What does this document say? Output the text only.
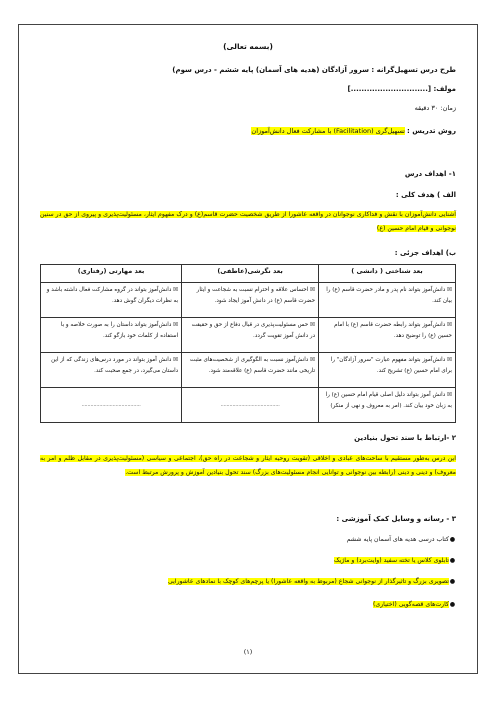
(بسمه تعالی)
طرح درس تسهیل‌گرانه : سرور آزادگان (هدیه های آسمان) پایه ششم - درس سوم)
مولف: [.............................]
زمان: ۳۰ دقیقه
روش تدریس : تسهیل‌گری (Facilitation) با مشارکت فعال دانش‌آموزان
۱- اهداف درس
الف ) هدف کلی :
آشنایی دانش‌آموزان با نقش و فداکاری نوجوانان در واقعه عاشورا از طریق شخصیت حضرت قاسم(ع) و درک مفهوم ایثار، مسئولیت‌پذیری و پیروی از حق در سنین نوجوانی و قیام امام حسین (ع)
ب) اهداف جزئی :
بعد شناختی ( دانشی )	بعد نگرشی(عاطفی)	بعد مهارتی (رفتاری)
☒ دانش‌آموز بتواند نام پدر و مادر حضرت قاسم (ع) را بیان کند.	☒ احساس علاقه و احترام نسبت به شجاعت و ایثار حضرت قاسم (ع) در دانش آموز ایجاد شود.	☒ دانش‌آموز بتواند در گروه مشارکت فعال داشته باشد و به نظرات دیگران گوش دهد.
☒ دانش‌آموز بتواند رابطه حضرت قاسم (ع) با امام حسین (ع) را توضیح دهد.	☒ حس مسئولیت‌پذیری در قبال دفاع از حق و حقیقت در دانش آموز تقویت گردد.	☒ دانش‌آموز بتواند داستان را به صورت خلاصه و با استفاده از کلمات خود بازگو کند.
☒ دانش‌آموز بتواند مفهوم عبارت "سرور آزادگان" را برای امام حسین (ع) تشریح کند.	☒ دانش‌آموز نسبت به الگوگیری از شخصیت‌های مثبت تاریخی مانند حضرت قاسم (ع) علاقه‌مند شود.	☒ دانش آموز بتواند در مورد درس‌های زندگی که از این داستان می‌گیرد، در جمع صحبت کند.
☒ دانش آموز بتواند دلیل اصلی قیام امام حسین (ع) را به زبان خود بیان کند. (امر به معروف و نهی از منکر)	........................................	........................................
۲ -ارتباط با سند تحول بنیادین
این درس به‌طور مستقیم با ساحت‌های عبادی و اخلاقی (تقویت روحیه ایثار و شجاعت در راه حق)، اجتماعی و سیاسی (مسئولیت‌پذیری در مقابل ظلم و امر به معروف) و دینی و دینی (رابطه بین نوجوانی و توانایی انجام مسئولیت‌های بزرگ) سند تحول بنیادین آموزش و پرورش مرتبط است.
۳ - رسانه و وسایل کمک آموزشی :
●کتاب درسی هدیه های آسمان پایه ششم
●تابلوی کلاس یا تخته سفید (وایت‌برد) و ماژیک
●تصویری بزرگ و تاثیرگذار از نوجوانی شجاع (مربوط به واقعه عاشورا) یا پرچم‌های کوچک با نمادهای عاشورایی
●کارت‌های قصه‌گویی (اختیاری)
(۱)
